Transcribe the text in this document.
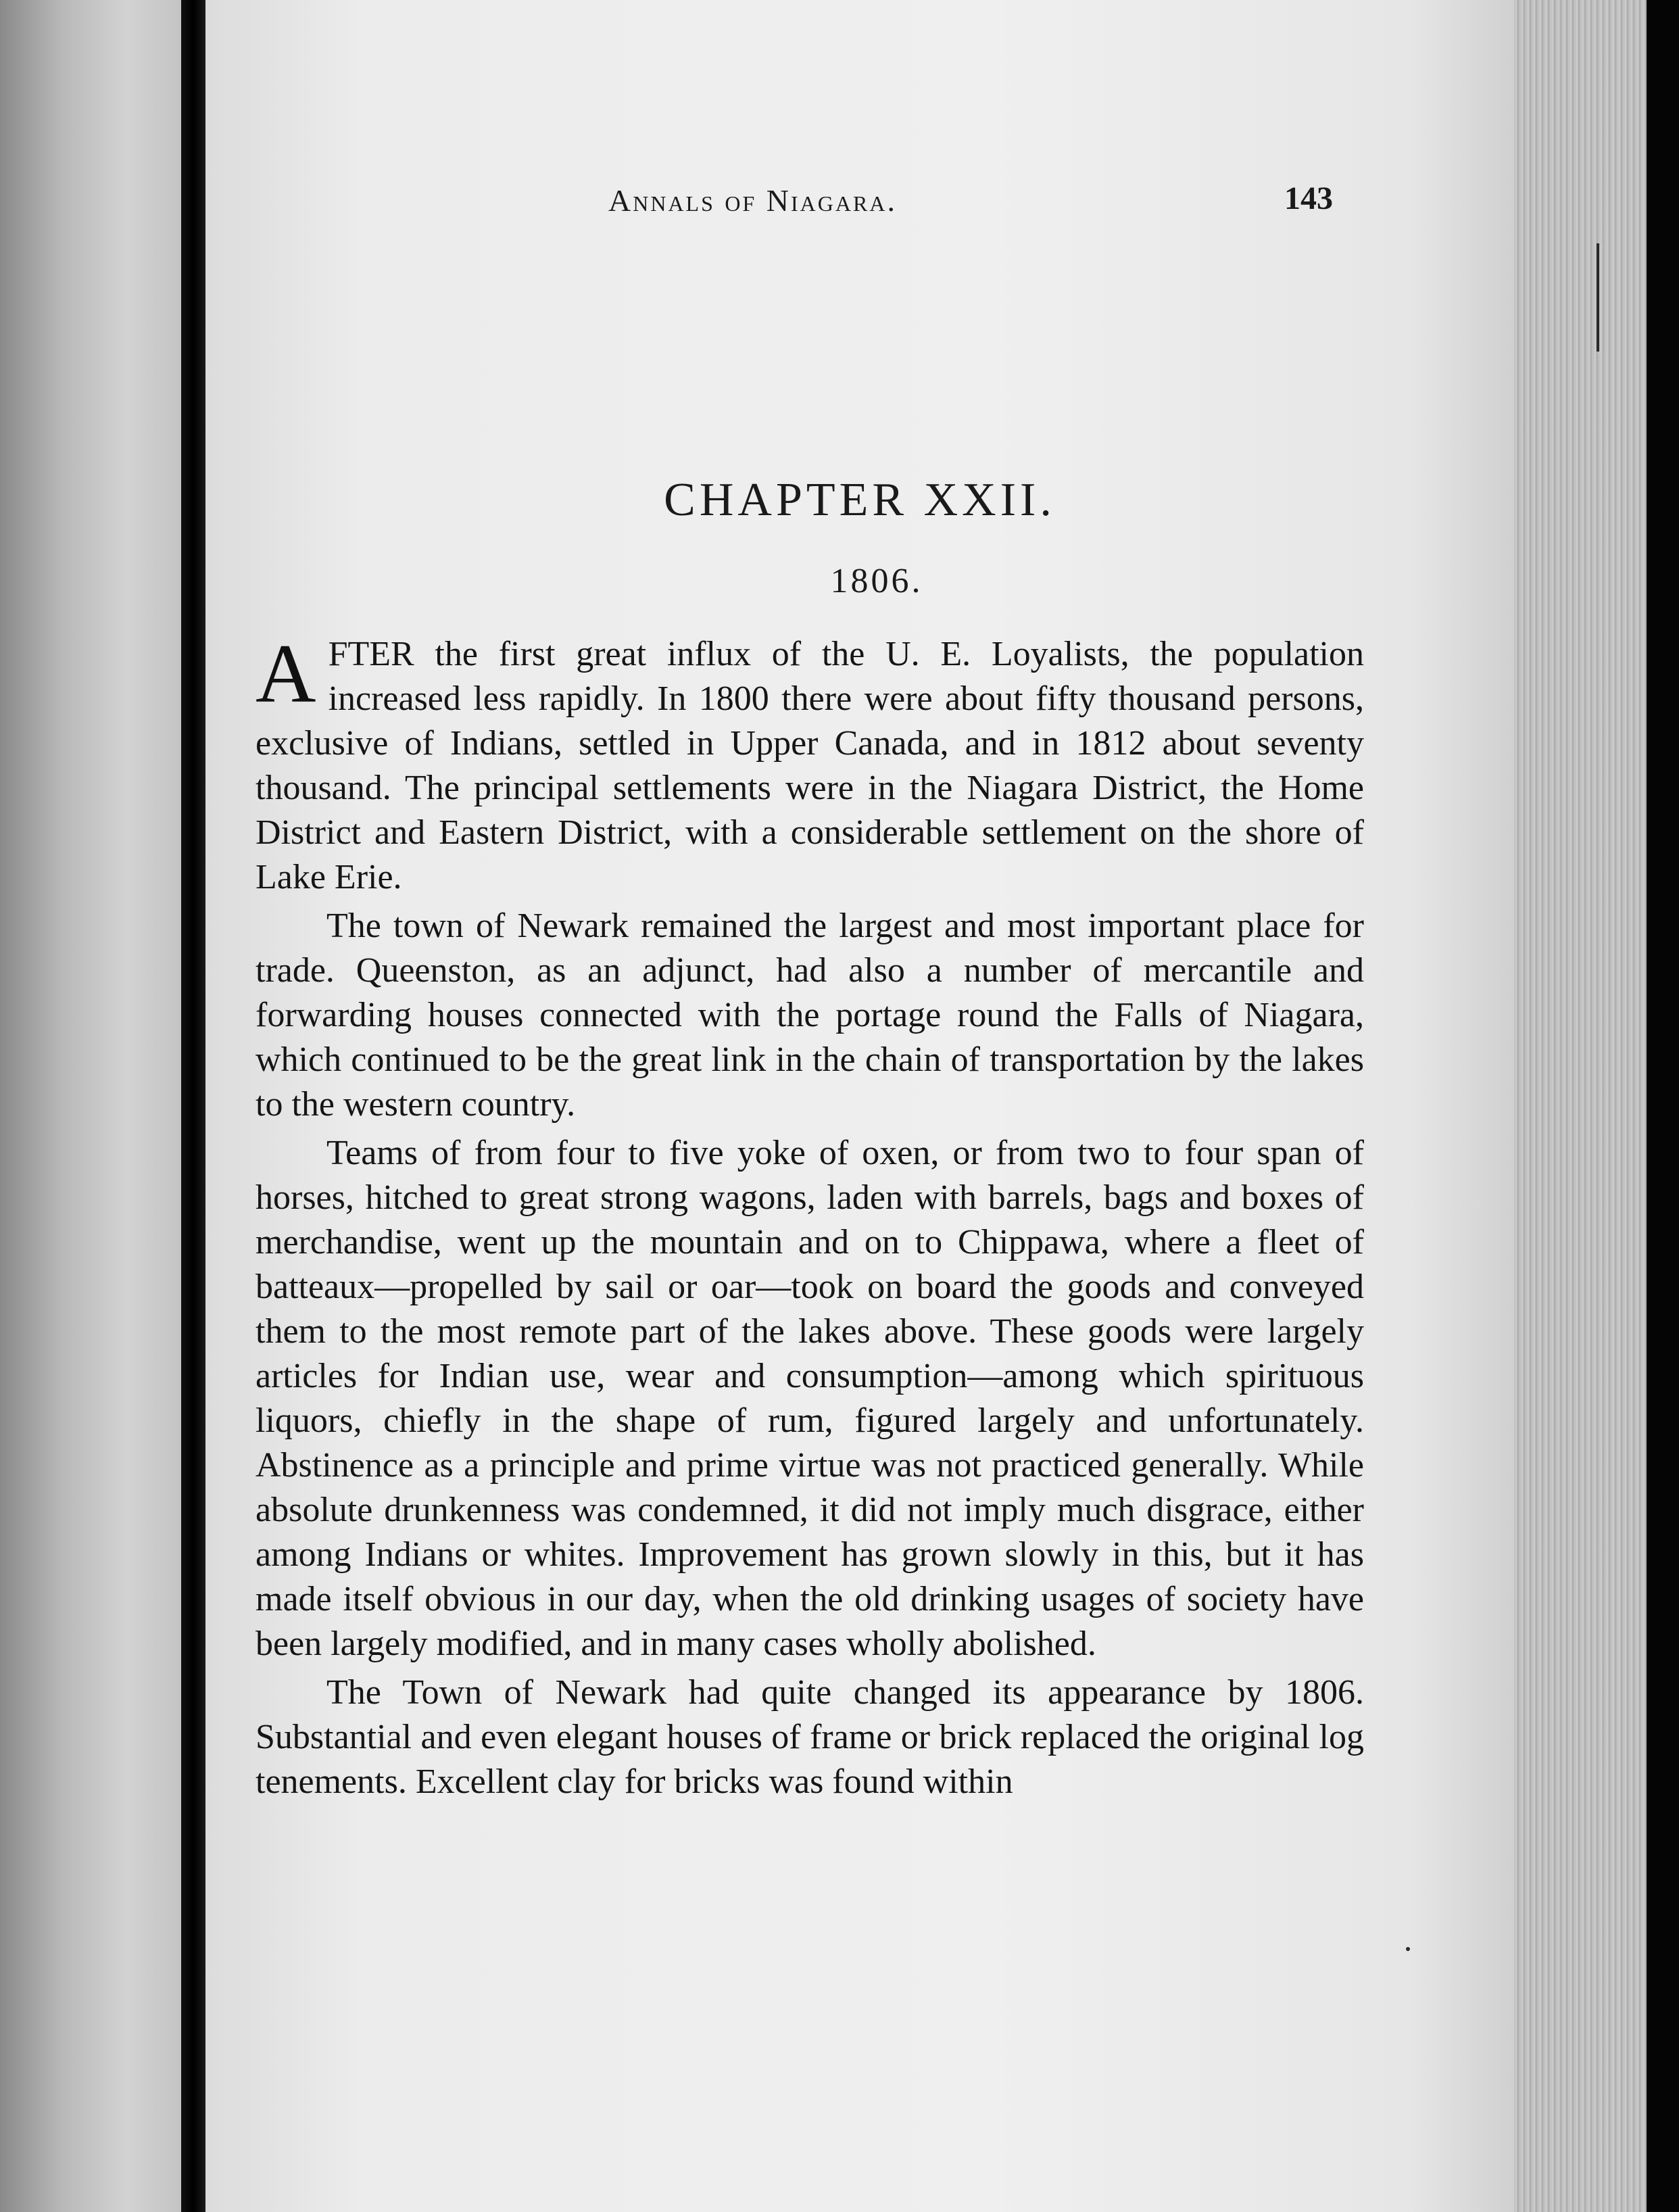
Annals of Niagara.	143
CHAPTER XXII.
1806.

AFTER the first great influx of the U. E. Loyalists, the population increased less rapidly. In 1800 there were about fifty thousand persons, exclusive of Indians, settled in Upper Canada, and in 1812 about seventy thousand. The principal settlements were in the Niagara District, the Home District and Eastern District, with a considerable settlement on the shore of Lake Erie.

The town of Newark remained the largest and most important place for trade. Queenston, as an adjunct, had also a number of mercantile and forwarding houses connected with the portage round the Falls of Niagara, which continued to be the great link in the chain of transportation by the lakes to the western country.

Teams of from four to five yoke of oxen, or from two to four span of horses, hitched to great strong wagons, laden with barrels, bags and boxes of merchandise, went up the mountain and on to Chippawa, where a fleet of batteaux—propelled by sail or oar—took on board the goods and conveyed them to the most remote part of the lakes above. These goods were largely articles for Indian use, wear and consumption—among which spirituous liquors, chiefly in the shape of rum, figured largely and unfortunately. Abstinence as a principle and prime virtue was not practiced generally. While absolute drunkenness was condemned, it did not imply much disgrace, either among Indians or whites. Improvement has grown slowly in this, but it has made itself obvious in our day, when the old drinking usages of society have been largely modified, and in many cases wholly abolished.

The Town of Newark had quite changed its appearance by 1806. Substantial and even elegant houses of frame or brick replaced the original log tenements. Excellent clay for bricks was found within
